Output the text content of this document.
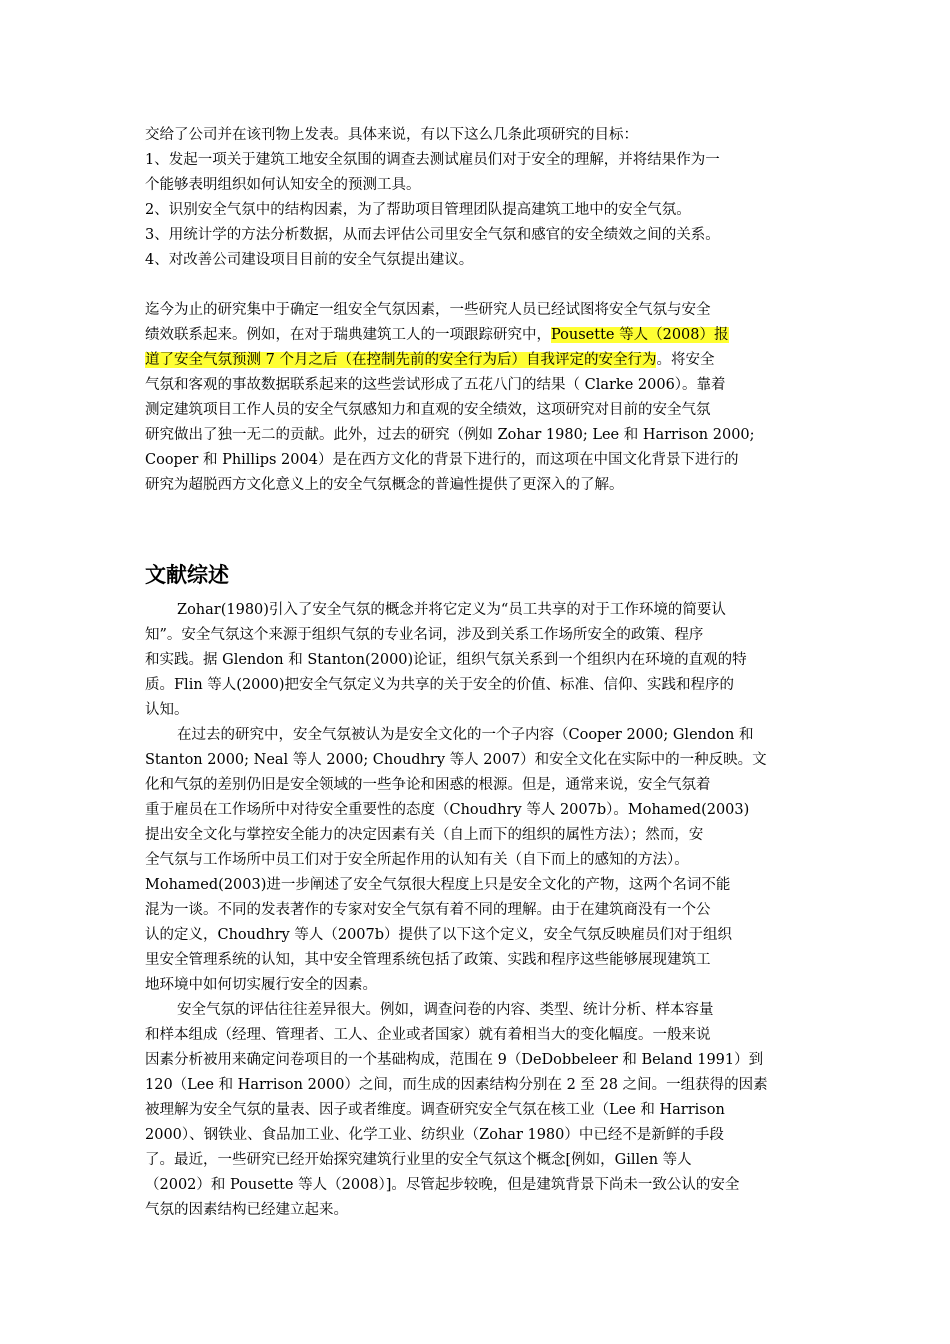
交给了公司并在该刊物上发表。具体来说，有以下这么几条此项研究的目标：
1、发起一项关于建筑工地安全氛围的调查去测试雇员们对于安全的理解，并将结果作为一
个能够表明组织如何认知安全的预测工具。
2、识别安全气氛中的结构因素，为了帮助项目管理团队提高建筑工地中的安全气氛。
3、用统计学的方法分析数据，从而去评估公司里安全气氛和感官的安全绩效之间的关系。
4、对改善公司建设项目目前的安全气氛提出建议。
迄今为止的研究集中于确定一组安全气氛因素，一些研究人员已经试图将安全气氛与安全
绩效联系起来。例如，在对于瑞典建筑工人的一项跟踪研究中，Pousette 等人（2008）报
道了安全气氛预测 7 个月之后（在控制先前的安全行为后）自我评定的安全行为。将安全
气氛和客观的事故数据联系起来的这些尝试形成了五花八门的结果（ Clarke 2006）。靠着
测定建筑项目工作人员的安全气氛感知力和直观的安全绩效，这项研究对目前的安全气氛
研究做出了独一无二的贡献。此外，过去的研究（例如 Zohar 1980; Lee 和 Harrison 2000;
Cooper 和 Phillips 2004）是在西方文化的背景下进行的，而这项在中国文化背景下进行的
研究为超脱西方文化意义上的安全气氛概念的普遍性提供了更深入的了解。
文献综述
Zohar(1980)引入了安全气氛的概念并将它定义为“员工共享的对于工作环境的简要认
知”。安全气氛这个来源于组织气氛的专业名词，涉及到关系工作场所安全的政策、程序
和实践。据 Glendon 和 Stanton(2000)论证，组织气氛关系到一个组织内在环境的直观的特
质。Flin 等人(2000)把安全气氛定义为共享的关于安全的价值、标准、信仰、实践和程序的
认知。
在过去的研究中，安全气氛被认为是安全文化的一个子内容（Cooper 2000; Glendon 和
Stanton 2000; Neal 等人 2000; Choudhry 等人 2007）和安全文化在实际中的一种反映。文
化和气氛的差别仍旧是安全领域的一些争论和困惑的根源。但是，通常来说，安全气氛着
重于雇员在工作场所中对待安全重要性的态度（Choudhry 等人 2007b）。Mohamed(2003)
提出安全文化与掌控安全能力的决定因素有关（自上而下的组织的属性方法）；然而，安
全气氛与工作场所中员工们对于安全所起作用的认知有关（自下而上的感知的方法）。
Mohamed(2003)进一步阐述了安全气氛很大程度上只是安全文化的产物，这两个名词不能
混为一谈。不同的发表著作的专家对安全气氛有着不同的理解。由于在建筑商没有一个公
认的定义，Choudhry 等人（2007b）提供了以下这个定义，安全气氛反映雇员们对于组织
里安全管理系统的认知，其中安全管理系统包括了政策、实践和程序这些能够展现建筑工
地环境中如何切实履行安全的因素。
安全气氛的评估往往差异很大。例如，调查问卷的内容、类型、统计分析、样本容量
和样本组成（经理、管理者、工人、企业或者国家）就有着相当大的变化幅度。一般来说
因素分析被用来确定问卷项目的一个基础构成，范围在 9（DeDobbeleer 和 Beland 1991）到
120（Lee 和 Harrison 2000）之间，而生成的因素结构分别在 2 至 28 之间。一组获得的因素
被理解为安全气氛的量表、因子或者维度。调查研究安全气氛在核工业（Lee 和 Harrison
2000）、钢铁业、食品加工业、化学工业、纺织业（Zohar 1980）中已经不是新鲜的手段
了。最近，一些研究已经开始探究建筑行业里的安全气氛这个概念[例如，Gillen 等人
（2002）和 Pousette 等人（2008）]。尽管起步较晚，但是建筑背景下尚未一致公认的安全
气氛的因素结构已经建立起来。
